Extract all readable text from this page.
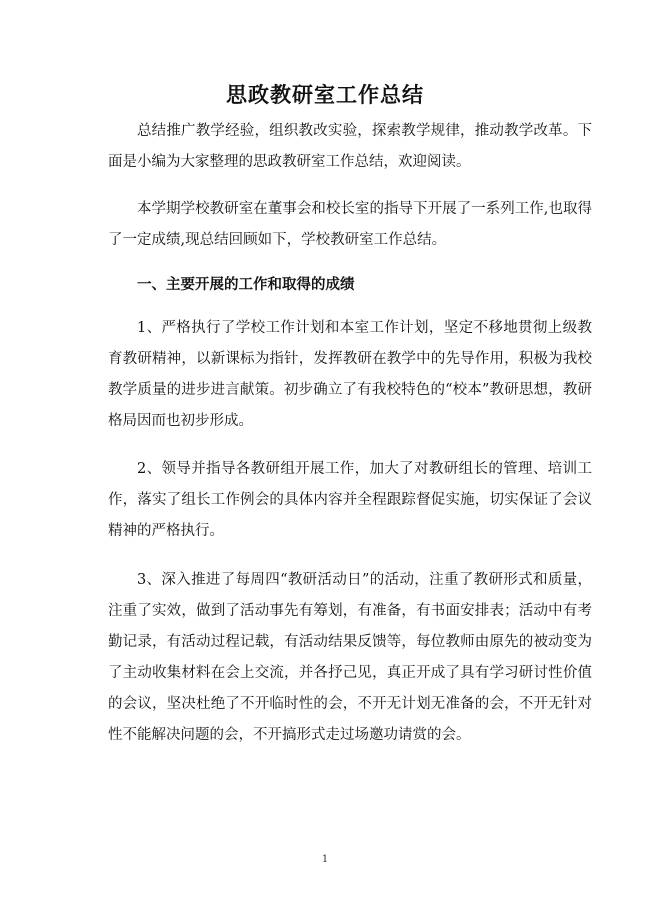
思政教研室工作总结

总结推广教学经验，组织教改实验，探索教学规律，推动教学改革。下面是小编为大家整理的思政教研室工作总结，欢迎阅读。

本学期学校教研室在董事会和校长室的指导下开展了一系列工作,也取得了一定成绩,现总结回顾如下，学校教研室工作总结。

一、主要开展的工作和取得的成绩

1、严格执行了学校工作计划和本室工作计划，坚定不移地贯彻上级教育教研精神，以新课标为指针，发挥教研在教学中的先导作用，积极为我校教学质量的进步进言献策。初步确立了有我校特色的“校本”教研思想，教研格局因而也初步形成。

2、领导并指导各教研组开展工作，加大了对教研组长的管理、培训工作，落实了组长工作例会的具体内容并全程跟踪督促实施，切实保证了会议精神的严格执行。

3、深入推进了每周四“教研活动日”的活动，注重了教研形式和质量，注重了实效，做到了活动事先有筹划，有准备，有书面安排表；活动中有考勤记录，有活动过程记载，有活动结果反馈等，每位教师由原先的被动变为了主动收集材料在会上交流，并各抒己见，真正开成了具有学习研讨性价值的会议，坚决杜绝了不开临时性的会，不开无计划无准备的会，不开无针对性不能解决问题的会，不开搞形式走过场邀功请赏的会。

1
